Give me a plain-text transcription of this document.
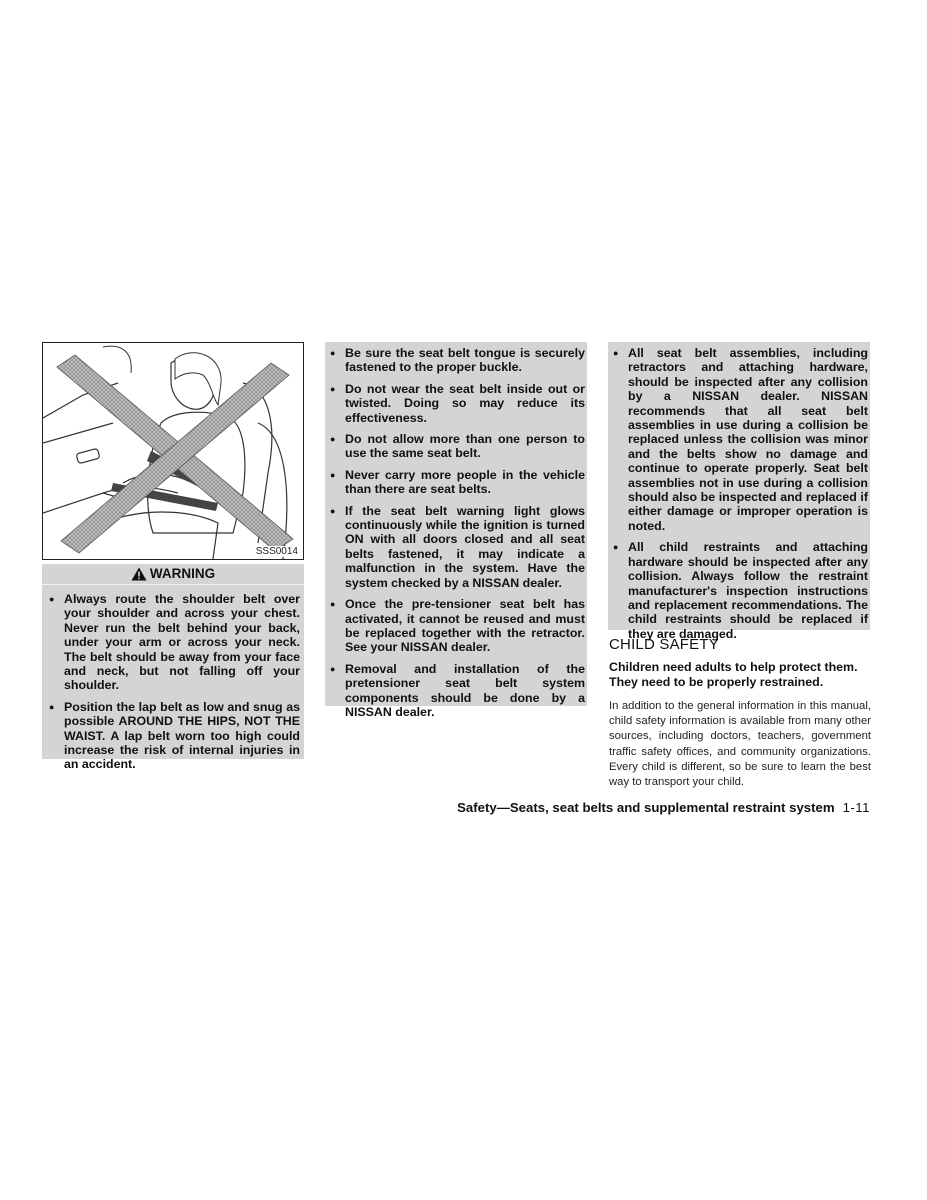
SSS0014
WARNING
● Always route the shoulder belt over your shoulder and across your chest. Never run the belt behind your back, under your arm or across your neck. The belt should be away from your face and neck, but not falling off your shoulder.
● Position the lap belt as low and snug as possible AROUND THE HIPS, NOT THE WAIST. A lap belt worn too high could increase the risk of internal injuries in an accident.
● Be sure the seat belt tongue is securely fastened to the proper buckle.
● Do not wear the seat belt inside out or twisted. Doing so may reduce its effectiveness.
● Do not allow more than one person to use the same seat belt.
● Never carry more people in the vehicle than there are seat belts.
● If the seat belt warning light glows continuously while the ignition is turned ON with all doors closed and all seat belts fastened, it may indicate a malfunction in the system. Have the system checked by a NISSAN dealer.
● Once the pre-tensioner seat belt has activated, it cannot be reused and must be replaced together with the retractor. See your NISSAN dealer.
● Removal and installation of the pretensioner seat belt system components should be done by a NISSAN dealer.
● All seat belt assemblies, including retractors and attaching hardware, should be inspected after any collision by a NISSAN dealer. NISSAN recommends that all seat belt assemblies in use during a collision be replaced unless the collision was minor and the belts show no damage and continue to operate properly. Seat belt assemblies not in use during a collision should also be inspected and replaced if either damage or improper operation is noted.
● All child restraints and attaching hardware should be inspected after any collision. Always follow the restraint manufacturer's inspection instructions and replacement recommendations. The child restraints should be replaced if they are damaged.
CHILD SAFETY
Children need adults to help protect them. They need to be properly restrained.
In addition to the general information in this manual, child safety information is available from many other sources, including doctors, teachers, government traffic safety offices, and community organizations. Every child is different, so be sure to learn the best way to transport your child.
Safety—Seats, seat belts and supplemental restraint system 1-11
